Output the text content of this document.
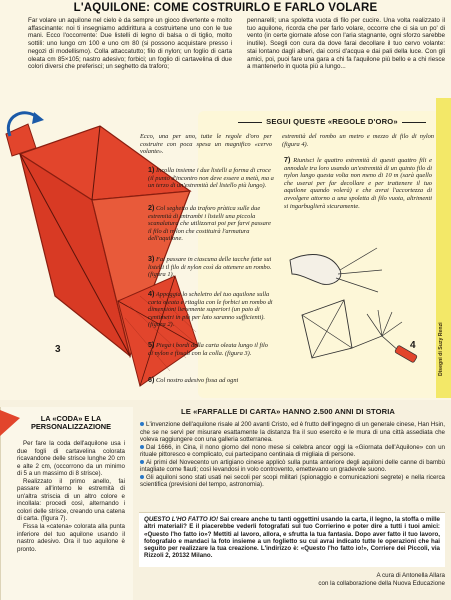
L'AQUILONE: COME COSTRUIRLO E FARLO VOLARE

Far volare un aquilone nel cielo è da sempre un gioco divertente e molto affascinante: noi ti insegniamo addirittura a costruirtene uno con le tue mani. Ecco l'occorrente: Due listelli di legno di balsa o di tiglio, molto sottili: uno lungo cm 100 e uno cm 80 (si possono acquistare presso i negozi di modellismo). Colla attaccatutto; filo di nylon; un foglio di carta oleata cm 85×105; nastro adesivo; forbici; un foglio di cartavelina di due colori diversi che preferisci; un seghetto da traforo;

pennarelli; una spoletta vuota di filo per cucire. Una volta realizzato il tuo aquilone, ricorda che per farlo volare, occorre che ci sia un po' di vento (in certe giornate afose con l'aria stagnante, ogni sforzo sarebbe inutile). Scegli con cura da dove farai decollare il tuo cervo volante: stai lontano dagli alberi, dai corsi d'acqua e dai pali della luce. Con gli amici, poi, puoi fare una gara a chi fa l'aquilone più bello e a chi riesce a mantenerlo in quota più a lungo...

3
SEGUI QUESTE «REGOLE D'ORO»

Ecco, una per uno, tutte le regole d'oro per costruire con poca spesa un magnifico «cervo volante».

1) Incolla insieme i due listelli a forma di croce (il punto d'incontro non deve essere a metà, ma a un terzo di un'estremità del listello più lungo).

2) Col seghetto da traforo pràtica sulle due estremità di entrambi i listelli una piccola scanalatura che utilizzerai poi per farvi passare il filo di nylon che costituirà l'armatura dell'aquilone.

3) Fai passare in ciascuna delle tacche fatte sui listelli il filo di nylon così da ottenere un rombo. (figura 1).

4) Appoggia lo scheletro del tuo aquilone sulla carta oleata e ritaglia con le forbici un rombo di dimensioni lievemente superiori (un paio di centimetri in più per lato saranno sufficienti). (figura 2).

5) Piega i bordi della carta oleata lungo il filo di nylon e fissali con la colla. (figura 3).

6) Col nostro adesivo fissa ad ogni

estremità del rombo un metro e mezzo di filo di nylon (figura 4).

7) Riunisci le quattro estremità di questi quattro fili e annodale tra loro usando un'estremità di un quinto filo di nylon lungo questa volta non meno di 10 m (sarà quello che userai per far decollare e per trattenere il tuo aquilone quando volerà) e che avrai l'accortezza di avvolgere attorno a una spoletta di filo vuota, altrimenti si ingarbuglierà sicuramente.

4	Disegni di Suzy Renzi
LA «CODA» E LA
PERSONALIZZAZIONE

Per fare la coda dell'aquilone usa i due fogli di cartavelina colorata ricavandone delle strisce lunghe 20 cm e alte 2 cm, (occorrono da un minimo di 5 a un massimo di 8 strisce).

Realizzato il primo anello, fai passare all'interno le estremità di un'altra striscia di un altro colore e incollala: procedi così, alternando i colori delle strisce, creando una catena di carta. (figura 7).

Fissa la «catena» colorata alla punta inferiore del tuo aquilone usando il nastro adesivo. Ora il tuo aquilone è pronto.

LE «FARFALLE DI CARTA» HANNO 2.500 ANNI DI STORIA

L'invenzione dell'aquilone risale al 200 avanti Cristo, ed è frutto dell'ingegno di un generale cinese, Han Hsin, che se ne servì per misurare esattamente la distanza fra il suo esercito e le mura di una città assediata che voleva raggiungere con una galleria sotterranea.

Dal 1666, in Cina, il nono giorno del nono mese si celebra ancor oggi la «Giornata dell'Aquilone» con un rituale pittoresco e complicato, cui partecipano centinaia di migliaia di persone.

Ai primi del Novecento un artigiano cinese applicò sulla punta anteriore degli aquiloni delle canne di bambù intagliate come flauti; così levandosi in volo controvento, emettevano un gradevole suono.

Gli aquiloni sono stati usati nei secoli per scopi militari (spionaggio e comunicazioni segrete) e nella ricerca scientifica (previsioni del tempo, astronomia).

QUESTO L'HO FATTO IO! Sai creare anche tu tanti oggettini usando la carta, il legno, la stoffa o mille altri materiali? E il piacerebbe vederli fotografati sul tuo Corrierino e poter dire a tutti i tuoi amici: «Questo l'ho fatto io»? Mettiti al lavoro, allora, e sfrutta la tua fantasia. Dopo aver fatto il tuo lavoro, fotografalo e mandaci la foto insieme a un foglietto su cui avrai indicato tutte le operazioni che hai seguito per realizzare la tua creazione. L'indirizzo è: «Questo l'ho fatto io!», Corriere dei Piccoli, via Rizzoli 2, 20132 Milano.
A cura di Antonella Allara
con la collaborazione della Nuova Educazione
